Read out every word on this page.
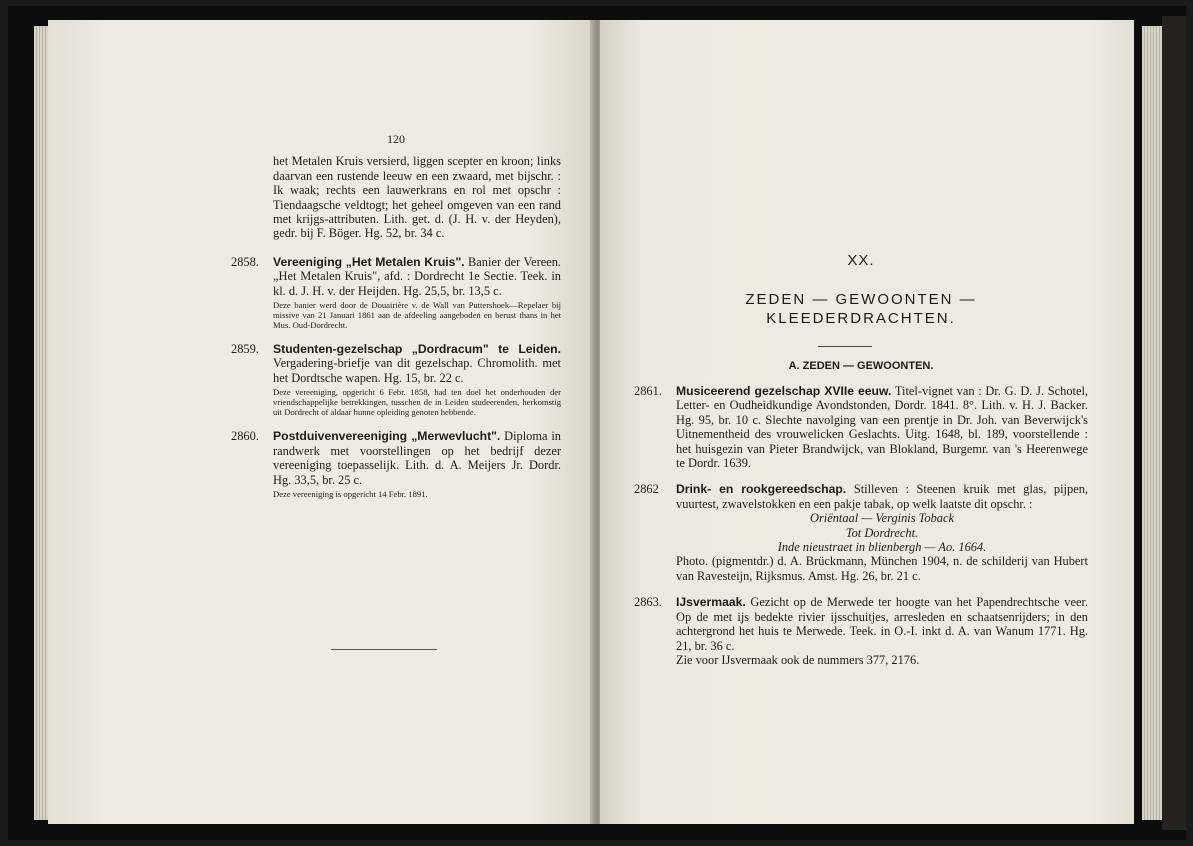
120
het Metalen Kruis versierd, liggen scepter en kroon; links daarvan een rustende leeuw en een zwaard, met bijschr. : Ik waak; rechts een lauwerkrans en rol met opschr : Tiendaagsche veldtogt; het geheel omgeven van een rand met krijgs-attributen. Lith. get. d. (J. H. v. der Heyden), gedr. bij F. Böger. Hg. 52, br. 34 c.
2858. Vereeniging „Het Metalen Kruis". Banier der Vereen. „Het Metalen Kruis", afd. : Dordrecht 1e Sectie. Teek. in kl. d. J. H. v. der Heijden. Hg. 25,5, br. 13,5 c.
Deze banier werd door de Douairière v. de Wall van Puttershoek—Repelaer bij missive van 21 Januari 1861 aan de afdeeling aangeboden en berust thans in het Mus. Oud-Dordrecht.
2859. Studenten-gezelschap „Dordracum" te Leiden. Vergadering-briefje van dit gezelschap. Chromolith. met het Dordtsche wapen. Hg. 15, br. 22 c.
Deze vereeniging, opgericht 6 Febr. 1858, had ten doel het onderhouden der vriendschappelijke betrekkingen, tusschen de in Leiden studeerenden, herkomstig uit Dordrecht of aldaar hunne opleiding genoten hebbende.
2860. Postduivenvereeniging „Merwevlucht". Diploma in randwerk met voorstellingen op het bedrijf dezer vereeniging toepasselijk. Lith. d. A. Meijers Jr. Dordr. Hg. 33,5, br. 25 c.
Deze vereeniging is opgericht 14 Febr. 1891.
XX.
ZEDEN — GEWOONTEN —
KLEEDERDRACHTEN.
A. ZEDEN — GEWOONTEN.
2861. Musiceerend gezelschap XVIIe eeuw. Titel-vignet van : Dr. G. D. J. Schotel, Letter- en Oudheidkundige Avondstonden, Dordr. 1841. 8°. Lith. v. H. J. Backer. Hg. 95, br. 10 c. Slechte navolging van een prentje in Dr. Joh. van Beverwijck's Uitnementheid des vrouwelicken Geslachts. Uitg. 1648, bl. 189, voorstellende : het huisgezin van Pieter Brandwijck, van Blokland, Burgemr. van 's Heerenwege te Dordr. 1639.
2862 Drink- en rookgereedschap. Stilleven : Steenen kruik met glas, pijpen, vuurtest, zwavelstokken en een pakje tabak, op welk laatste dit opschr. :

Oriëntaal — Verginis Toback

Tot Dordrecht.

Inde nieustraet in blienbergh — Ao. 1664.

Photo. (pigmentdr.) d. A. Brückmann, München 1904, n. de schilderij van Hubert van Ravesteijn, Rijksmus. Amst. Hg. 26, br. 21 c.
2863. IJsvermaak. Gezicht op de Merwede ter hoogte van het Papendrechtsche veer. Op de met ijs bedekte rivier ijsschuitjes, arresleden en schaatsenrijders; in den achtergrond het huis te Merwede. Teek. in O.-I. inkt d. A. van Wanum 1771. Hg. 21, br. 36 c.
Zie voor IJsvermaak ook de nummers 377, 2176.
